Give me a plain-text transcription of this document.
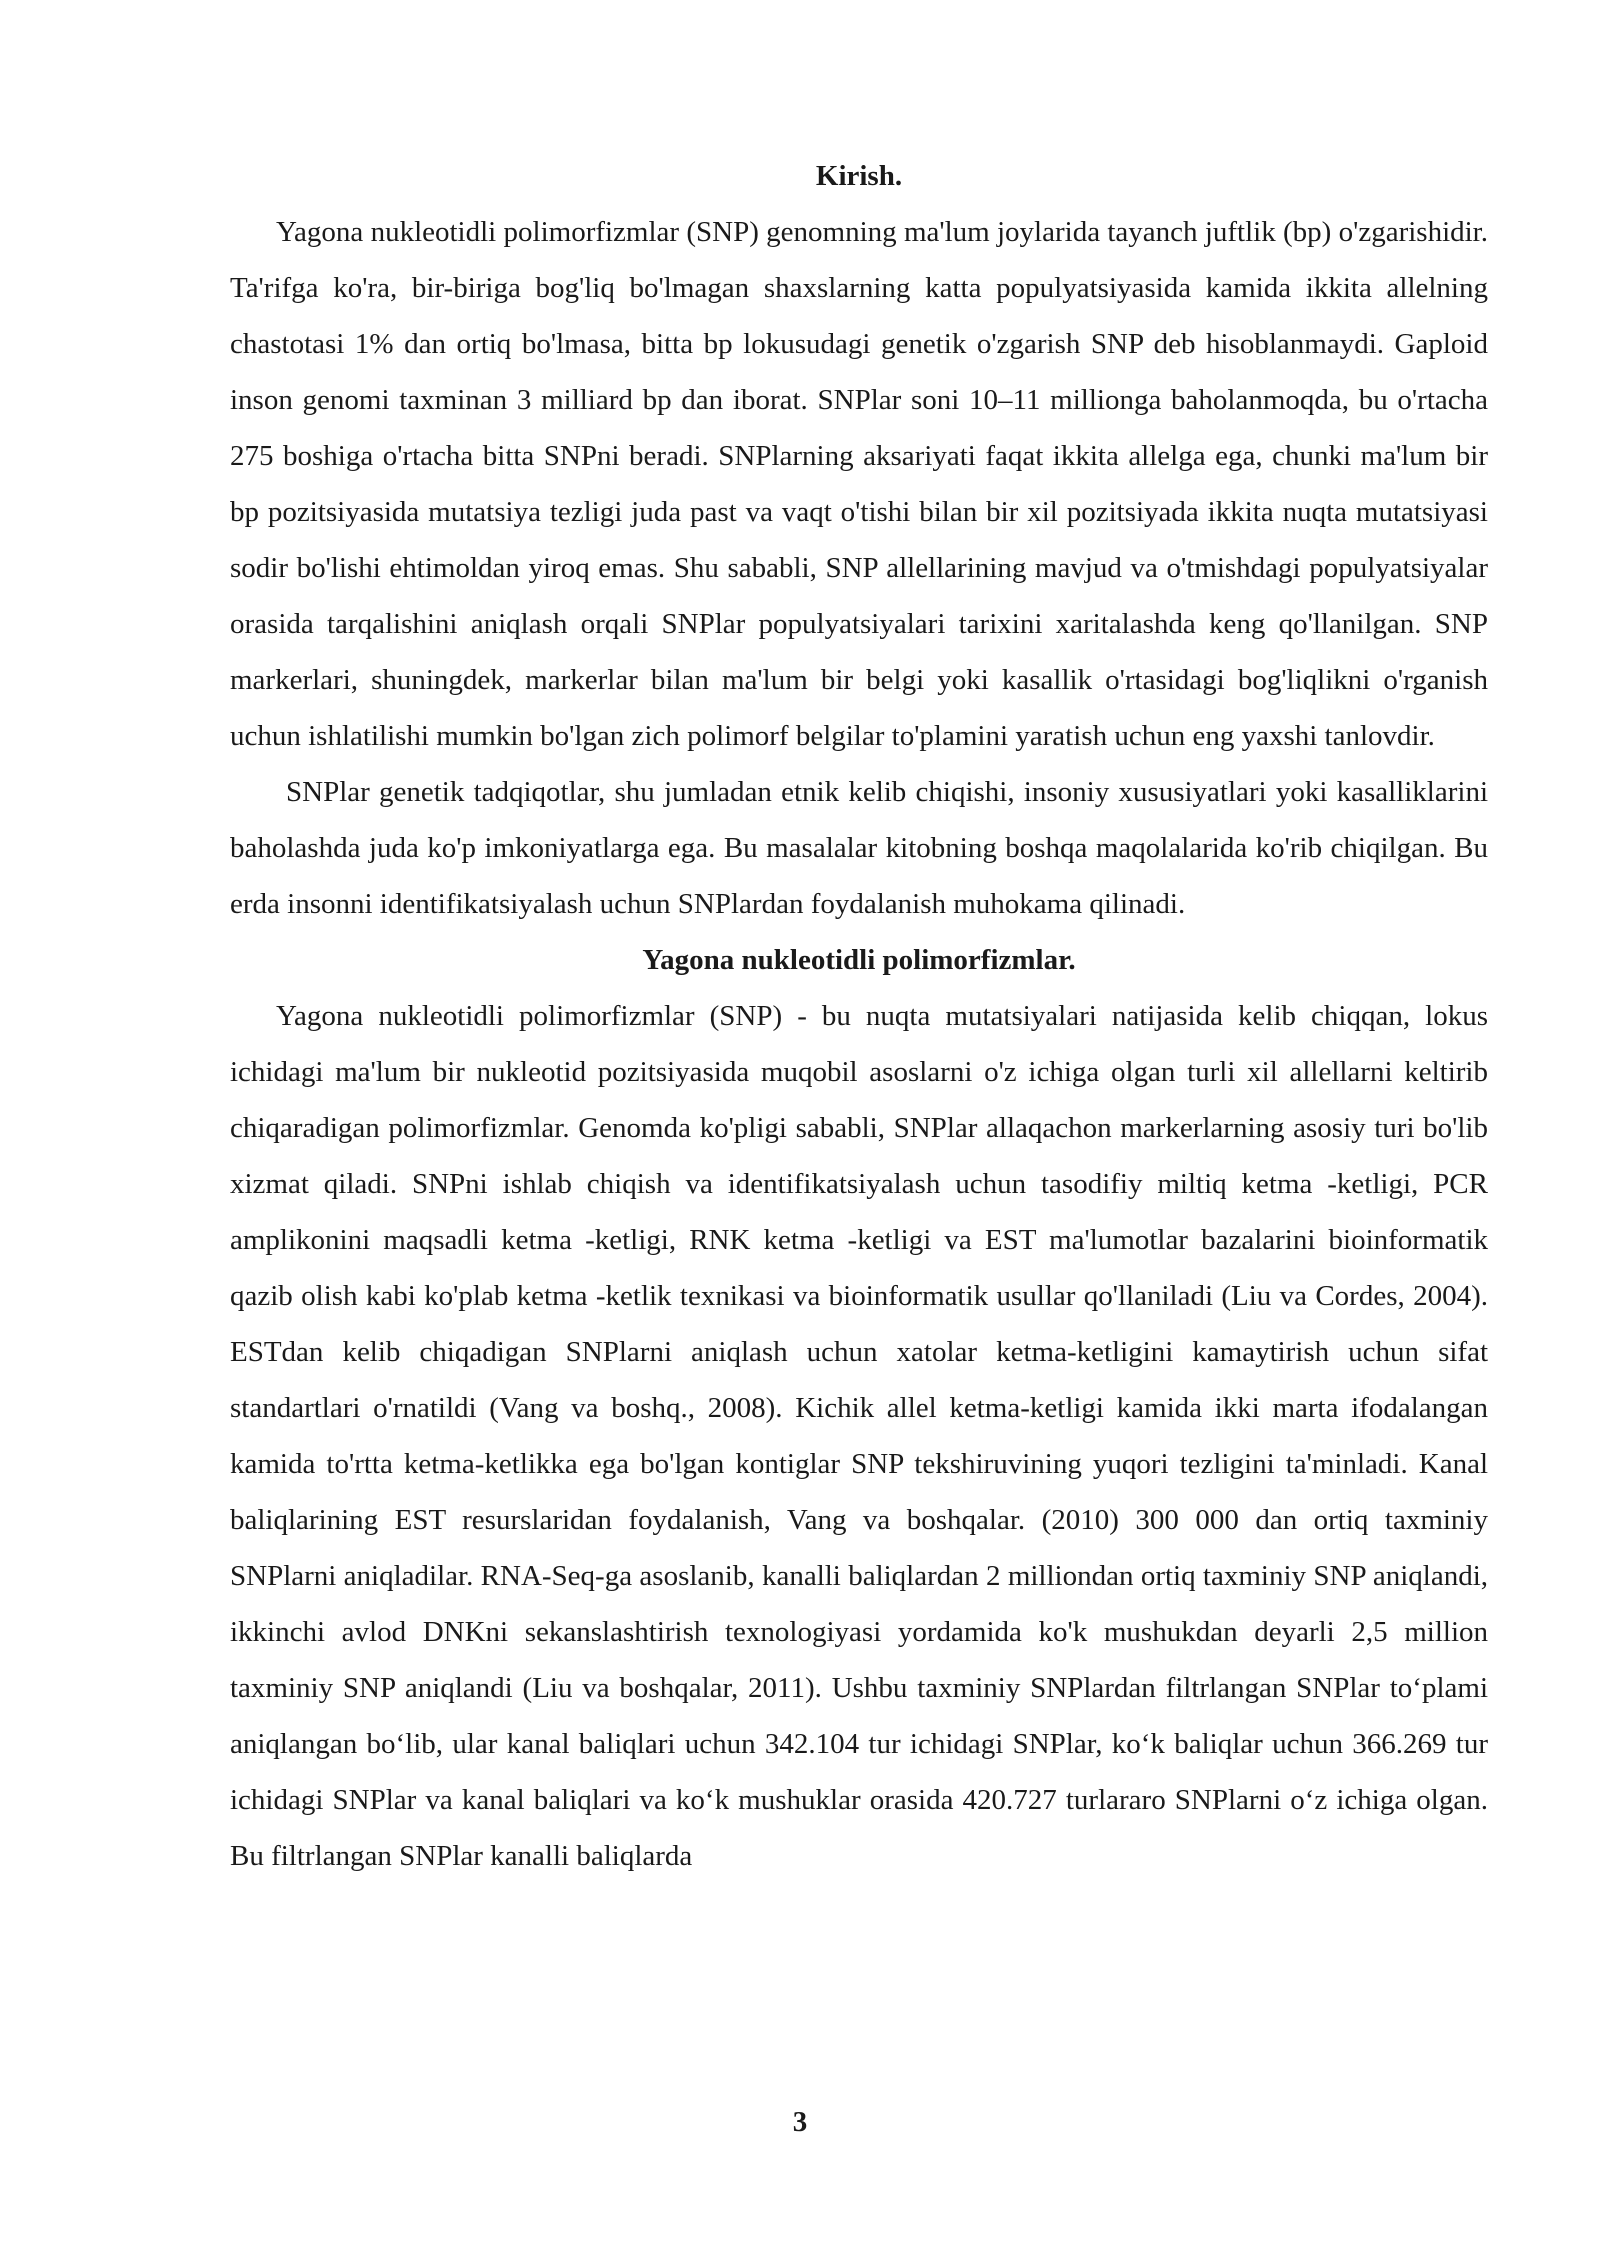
Kirish.

Yagona nukleotidli polimorfizmlar (SNP) genomning ma'lum joylarida tayanch juftlik (bp) o'zgarishidir. Ta'rifga ko'ra, bir-biriga bog'liq bo'lmagan shaxslarning katta populyatsiyasida kamida ikkita allelning chastotasi 1% dan ortiq bo'lmasa, bitta bp lokusudagi genetik o'zgarish SNP deb hisoblanmaydi. Gaploid inson genomi taxminan 3 milliard bp dan iborat. SNPlar soni 10–11 millionga baholanmoqda, bu o'rtacha 275 boshiga o'rtacha bitta SNPni beradi. SNPlarning aksariyati faqat ikkita allelga ega, chunki ma'lum bir bp pozitsiyasida mutatsiya tezligi juda past va vaqt o'tishi bilan bir xil pozitsiyada ikkita nuqta mutatsiyasi sodir bo'lishi ehtimoldan yiroq emas. Shu sababli, SNP allellarining mavjud va o'tmishdagi populyatsiyalar orasida tarqalishini aniqlash orqali SNPlar populyatsiyalari tarixini xaritalashda keng qo'llanilgan. SNP markerlari, shuningdek, markerlar bilan ma'lum bir belgi yoki kasallik o'rtasidagi bog'liqlikni o'rganish uchun ishlatilishi mumkin bo'lgan zich polimorf belgilar to'plamini yaratish uchun eng yaxshi tanlovdir.

SNPlar genetik tadqiqotlar, shu jumladan etnik kelib chiqishi, insoniy xususiyatlari yoki kasalliklarini baholashda juda ko'p imkoniyatlarga ega. Bu masalalar kitobning boshqa maqolalarida ko'rib chiqilgan. Bu erda insonni identifikatsiyalash uchun SNPlardan foydalanish muhokama qilinadi.

Yagona nukleotidli polimorfizmlar.

Yagona nukleotidli polimorfizmlar (SNP) - bu nuqta mutatsiyalari natijasida kelib chiqqan, lokus ichidagi ma'lum bir nukleotid pozitsiyasida muqobil asoslarni o'z ichiga olgan turli xil allellarni keltirib chiqaradigan polimorfizmlar. Genomda ko'pligi sababli, SNPlar allaqachon markerlarning asosiy turi bo'lib xizmat qiladi. SNPni ishlab chiqish va identifikatsiyalash uchun tasodifiy miltiq ketma -ketligi, PCR amplikonini maqsadli ketma -ketligi, RNK ketma -ketligi va EST ma'lumotlar bazalarini bioinformatik qazib olish kabi ko'plab ketma -ketlik texnikasi va bioinformatik usullar qo'llaniladi (Liu va Cordes, 2004). ESTdan kelib chiqadigan SNPlarni aniqlash uchun xatolar ketma-ketligini kamaytirish uchun sifat standartlari o'rnatildi (Vang va boshq., 2008). Kichik allel ketma-ketligi kamida ikki marta ifodalangan kamida to'rtta ketma-ketlikka ega bo'lgan kontiglar SNP tekshiruvining yuqori tezligini ta'minladi. Kanal baliqlarining EST resurslaridan foydalanish, Vang va boshqalar. (2010) 300 000 dan ortiq taxminiy SNPlarni aniqladilar. RNA-Seq-ga asoslanib, kanalli baliqlardan 2 milliondan ortiq taxminiy SNP aniqlandi, ikkinchi avlod DNKni sekanslashtirish texnologiyasi yordamida ko'k mushukdan deyarli 2,5 million taxminiy SNP aniqlandi (Liu va boshqalar, 2011). Ushbu taxminiy SNPlardan filtrlangan SNPlar to‘plami aniqlangan bo‘lib, ular kanal baliqlari uchun 342.104 tur ichidagi SNPlar, ko‘k baliqlar uchun 366.269 tur ichidagi SNPlar va kanal baliqlari va ko‘k mushuklar orasida 420.727 turlararo SNPlarni o‘z ichiga olgan. Bu filtrlangan SNPlar kanalli baliqlarda

3
